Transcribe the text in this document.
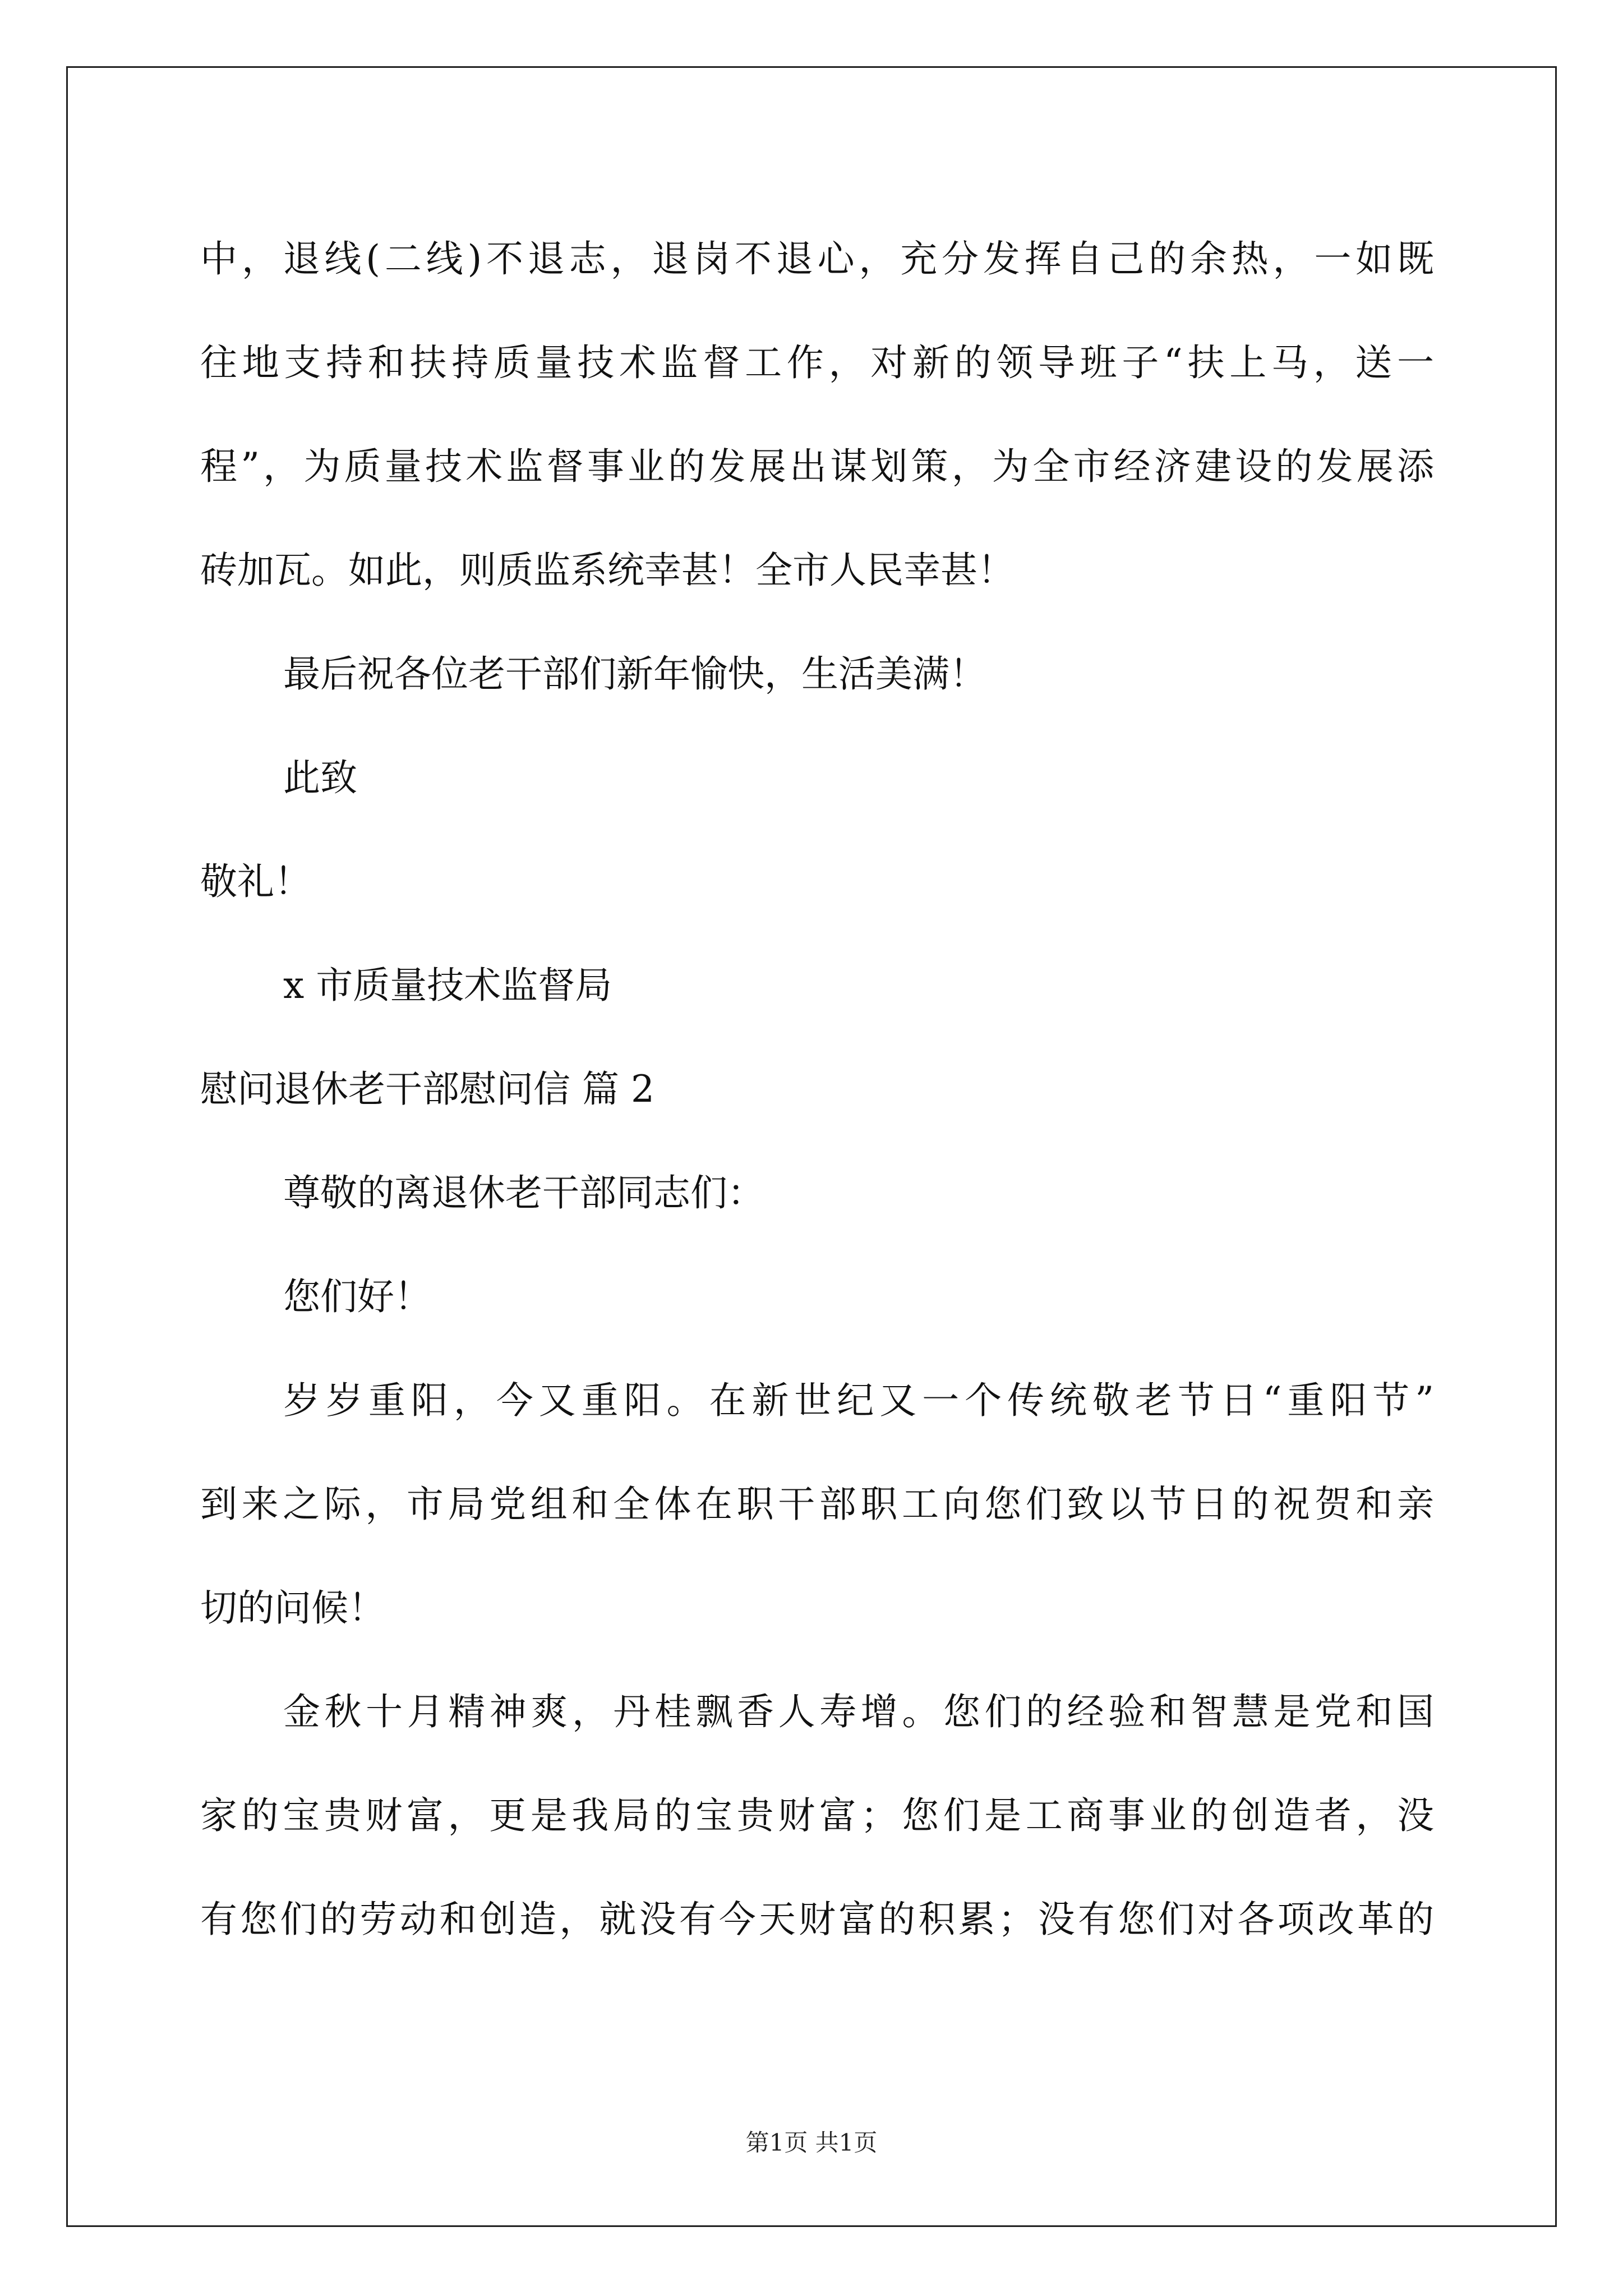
中，退线(二线)不退志，退岗不退心，充分发挥自己的余热，一如既

往地支持和扶持质量技术监督工作，对新的领导班子“扶上马，送一

程”，为质量技术监督事业的发展出谋划策，为全市经济建设的发展添

砖加瓦。如此，则质监系统幸甚！全市人民幸甚！

最后祝各位老干部们新年愉快，生活美满！

此致

敬礼！

x 市质量技术监督局

慰问退休老干部慰问信 篇 2

尊敬的离退休老干部同志们：

您们好！

岁岁重阳，今又重阳。在新世纪又一个传统敬老节日“重阳节”

到来之际，市局党组和全体在职干部职工向您们致以节日的祝贺和亲

切的问候！

金秋十月精神爽，丹桂飘香人寿增。您们的经验和智慧是党和国

家的宝贵财富，更是我局的宝贵财富；您们是工商事业的创造者，没

有您们的劳动和创造，就没有今天财富的积累；没有您们对各项改革的

第1页 共1页
